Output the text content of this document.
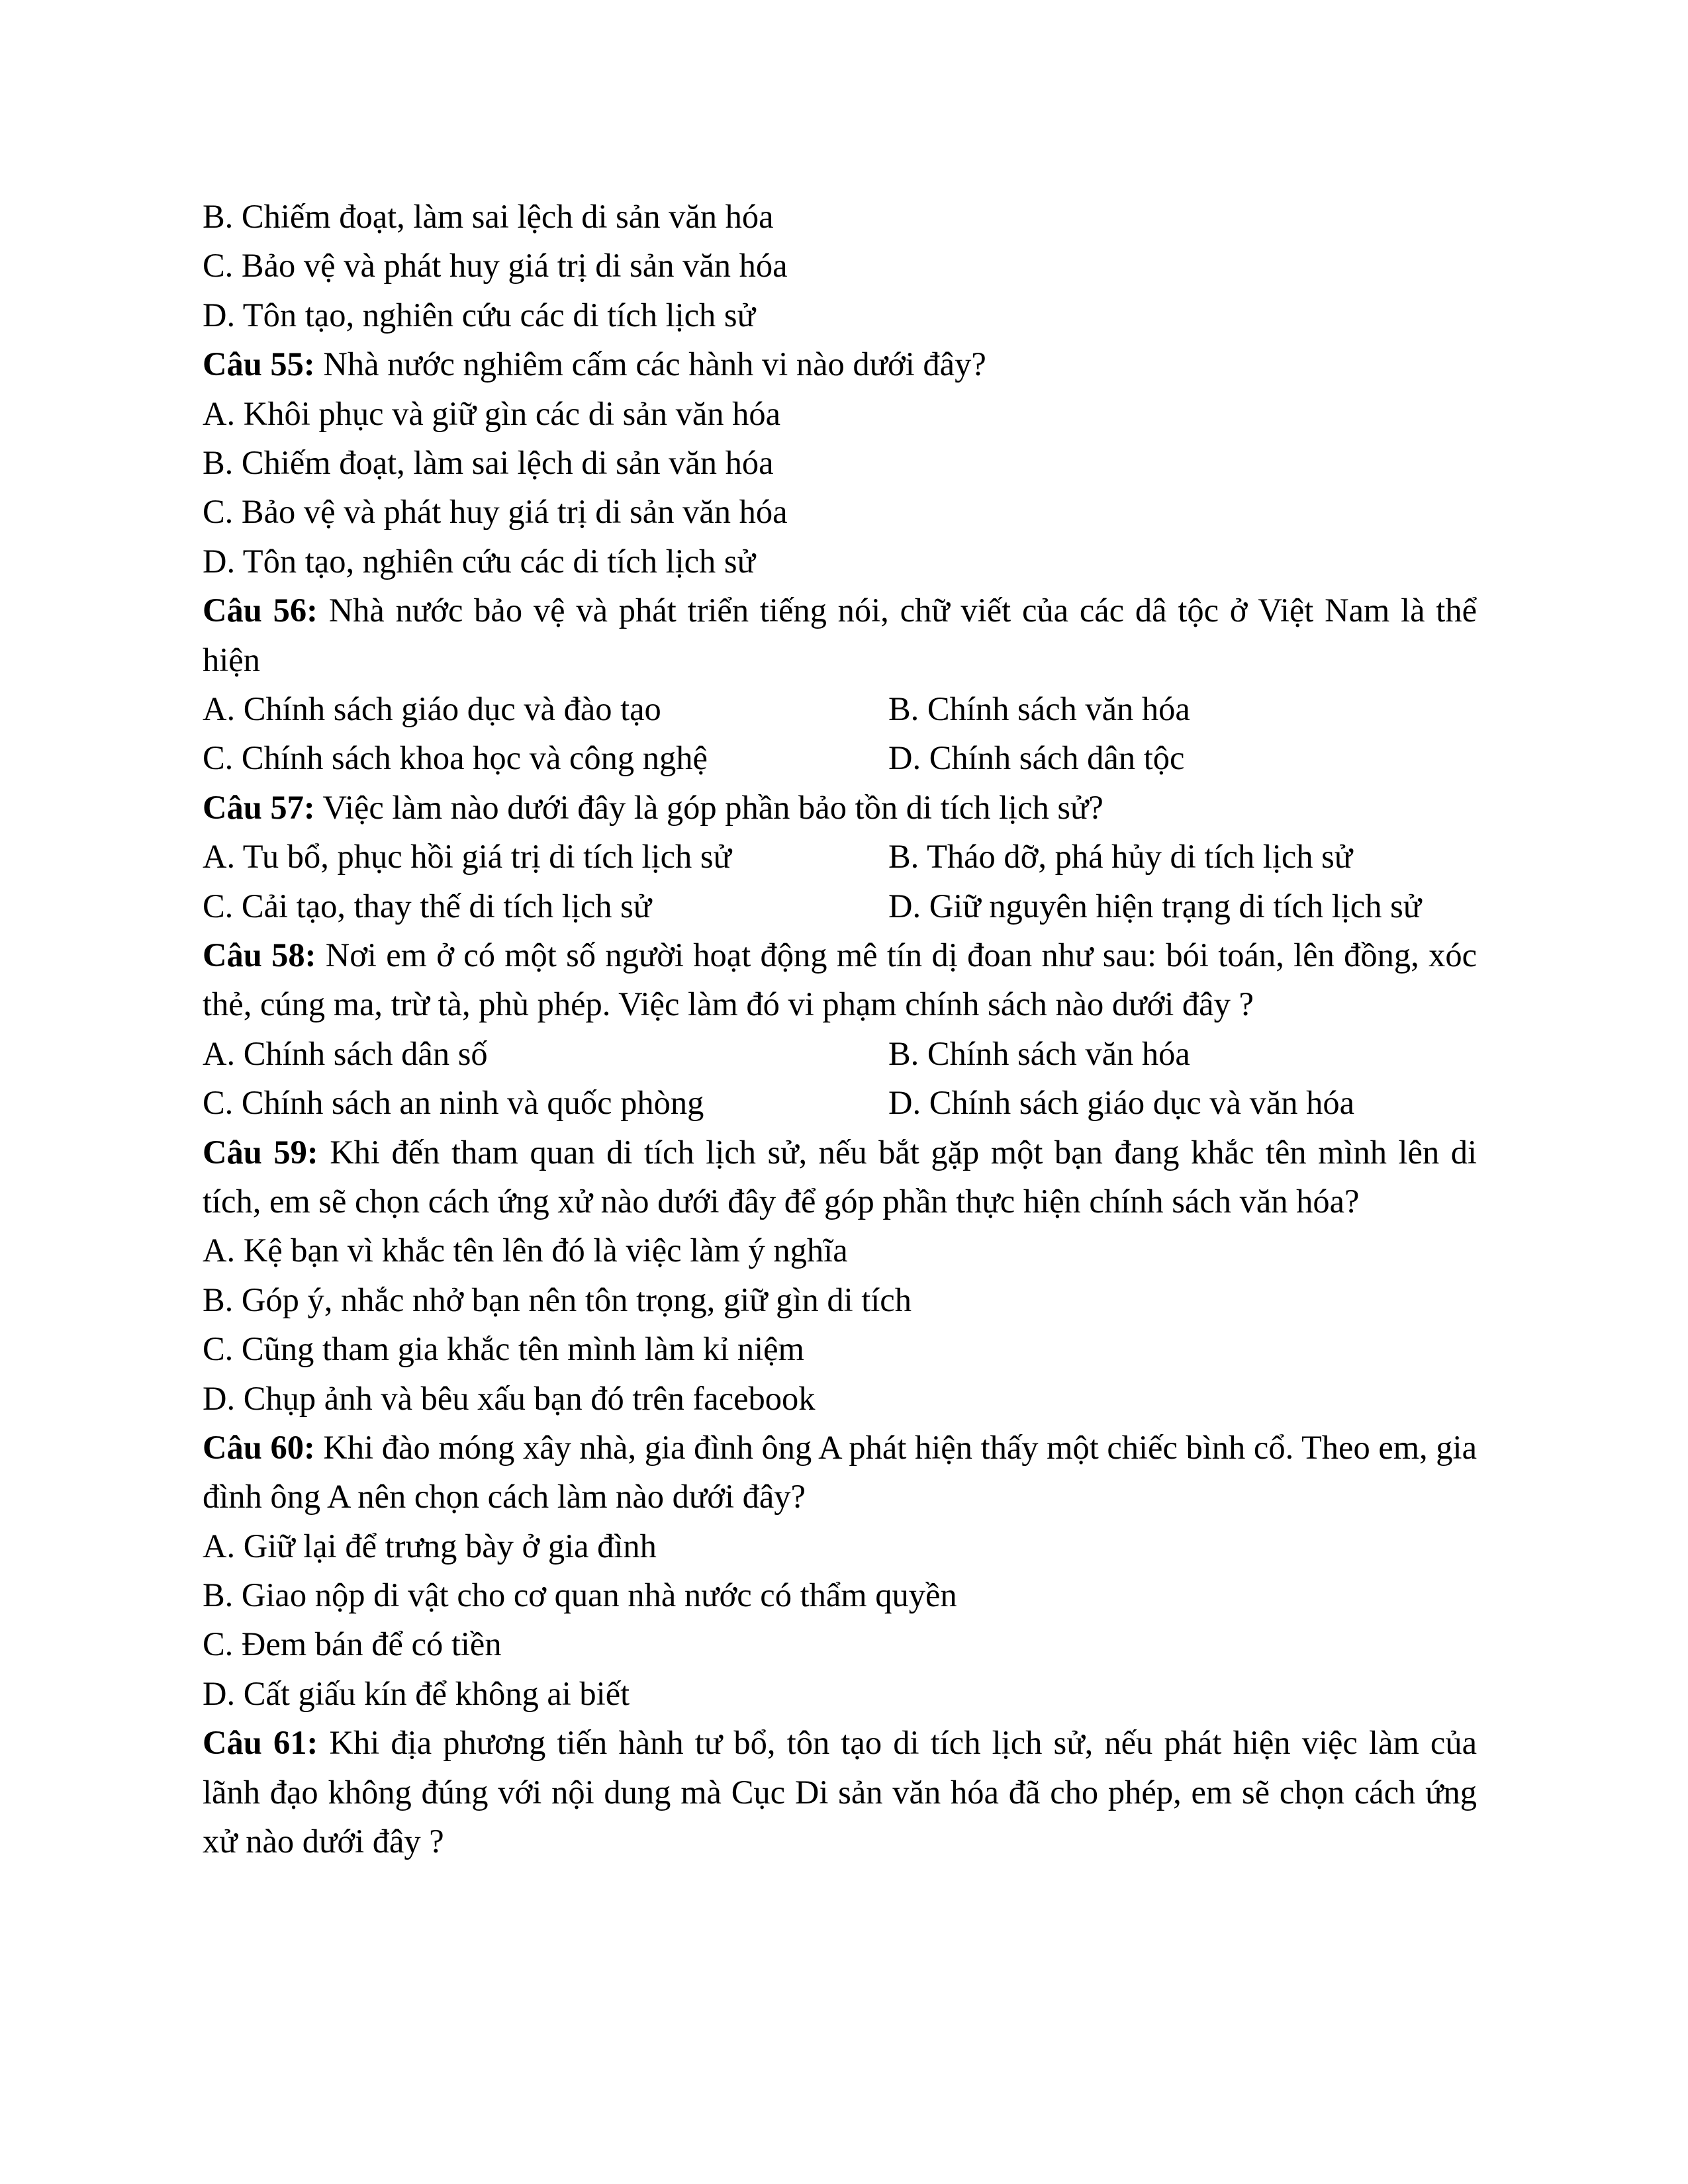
B. Chiếm đoạt, làm sai lệch di sản văn hóa
C. Bảo vệ và phát huy giá trị di sản văn hóa
D. Tôn tạo, nghiên cứu các di tích lịch sử
Câu 55: Nhà nước nghiêm cấm các hành vi nào dưới đây?
A. Khôi phục và giữ gìn các di sản văn hóa
B. Chiếm đoạt, làm sai lệch di sản văn hóa
C. Bảo vệ và phát huy giá trị di sản văn hóa
D. Tôn tạo, nghiên cứu các di tích lịch sử
Câu 56: Nhà nước bảo vệ và phát triển tiếng nói, chữ viết của các dâ tộc ở Việt Nam là thể hiện
A. Chính sách giáo dục và đào tạo	B. Chính sách văn hóa
C. Chính sách khoa học và công nghệ	D. Chính sách dân tộc
Câu 57: Việc làm nào dưới đây là góp phần bảo tồn di tích lịch sử?
A. Tu bổ, phục hồi giá trị di tích lịch sử	B. Tháo dỡ, phá hủy di tích lịch sử
C. Cải tạo, thay thế di tích lịch sử	D. Giữ nguyên hiện trạng di tích lịch sử
Câu 58: Nơi em ở có một số người hoạt động mê tín dị đoan như sau: bói toán, lên đồng, xóc thẻ, cúng ma, trừ tà, phù phép. Việc làm đó vi phạm chính sách nào dưới đây ?
A. Chính sách dân số	B. Chính sách văn hóa
C. Chính sách an ninh và quốc phòng	D. Chính sách giáo dục và văn hóa
Câu 59: Khi đến tham quan di tích lịch sử, nếu bắt gặp một bạn đang khắc tên mình lên di tích, em sẽ chọn cách ứng xử nào dưới đây để góp phần thực hiện chính sách văn hóa?
A. Kệ bạn vì khắc tên lên đó là việc làm ý nghĩa
B. Góp ý, nhắc nhở bạn nên tôn trọng, giữ gìn di tích
C. Cũng tham gia khắc tên mình làm kỉ niệm
D. Chụp ảnh và bêu xấu bạn đó trên facebook
Câu 60: Khi đào móng xây nhà, gia đình ông A phát hiện thấy một chiếc bình cổ. Theo em, gia đình ông A nên chọn cách làm nào dưới đây?
A. Giữ lại để trưng bày ở gia đình
B. Giao nộp di vật cho cơ quan nhà nước có thẩm quyền
C. Đem bán để có tiền
D. Cất giấu kín để không ai biết
Câu 61: Khi địa phương tiến hành tư bổ, tôn tạo di tích lịch sử, nếu phát hiện việc làm của lãnh đạo không đúng với nội dung mà Cục Di sản văn hóa đã cho phép, em sẽ chọn cách ứng xử nào dưới đây ?
